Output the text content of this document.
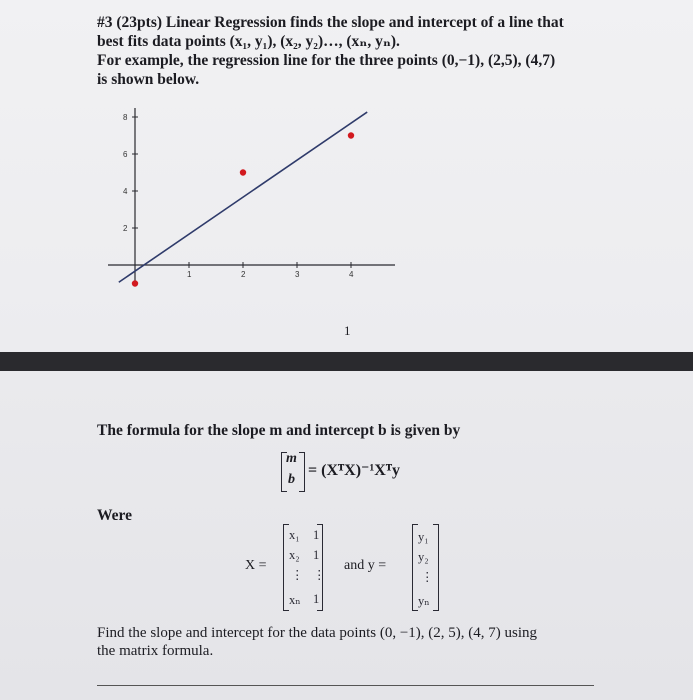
#3 (23pts) Linear Regression finds the slope and intercept of a line that
best fits data points (x₁, y₁), (x₂, y₂)…, (xₙ, yₙ).
For example, the regression line for the three points (0,−1), (2,5), (4,7)
is shown below.
1	2	3	4
2
4
6
8
1
The formula for the slope m and intercept b is given by
m
b
= (XᵀX)⁻¹Xᵀy
Were
X =
x₁ 1
x₂ 1
⋮ ⋮
xₙ 1
and y =
y₁
y₂
⋮
yₙ
Find the slope and intercept for the data points (0, −1), (2, 5), (4, 7) using
the matrix formula.
